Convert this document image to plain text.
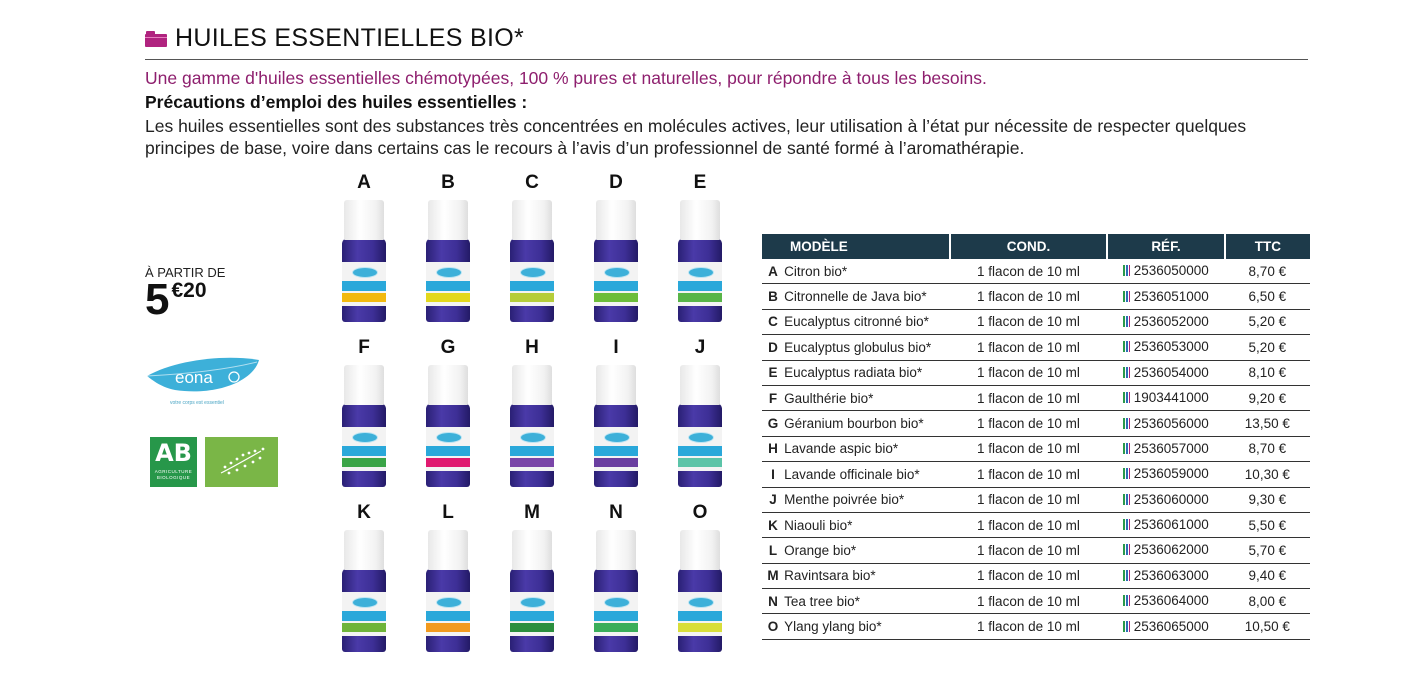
HUILES ESSENTIELLES BIO*
Une gamme d'huiles essentielles chémotypées, 100 % pures et naturelles, pour répondre à tous les besoins.
Précautions d’emploi des huiles essentielles :
Les huiles essentielles sont des substances très concentrées en molécules actives, leur utilisation à l’état pur nécessite de respecter quelques principes de base, voire dans certains cas le recours à l’avis d’un professionnel de santé formé à l’aromathérapie.
À PARTIR DE
5 €20
eona
votre corps est essentiel
AB
AGRICULTURE BIOLOGIQUE
A	B	C	D	E
F	G	H	I	J
K	L	M	N	O
MODÈLE		COND.	RÉF.	TTC
A	Citron bio*	1 flacon de 10 ml	2536050000	8,70 €
B	Citronnelle de Java bio*	1 flacon de 10 ml	2536051000	6,50 €
C	Eucalyptus citronné bio*	1 flacon de 10 ml	2536052000	5,20 €
D	Eucalyptus globulus bio*	1 flacon de 10 ml	2536053000	5,20 €
E	Eucalyptus radiata bio*	1 flacon de 10 ml	2536054000	8,10 €
F	Gaulthérie bio*	1 flacon de 10 ml	1903441000	9,20 €
G	Géranium bourbon bio*	1 flacon de 10 ml	2536056000	13,50 €
H	Lavande aspic bio*	1 flacon de 10 ml	2536057000	8,70 €
I	Lavande officinale bio*	1 flacon de 10 ml	2536059000	10,30 €
J	Menthe poivrée bio*	1 flacon de 10 ml	2536060000	9,30 €
K	Niaouli bio*	1 flacon de 10 ml	2536061000	5,50 €
L	Orange bio*	1 flacon de 10 ml	2536062000	5,70 €
M	Ravintsara bio*	1 flacon de 10 ml	2536063000	9,40 €
N	Tea tree bio*	1 flacon de 10 ml	2536064000	8,00 €
O	Ylang ylang bio*	1 flacon de 10 ml	2536065000	10,50 €
